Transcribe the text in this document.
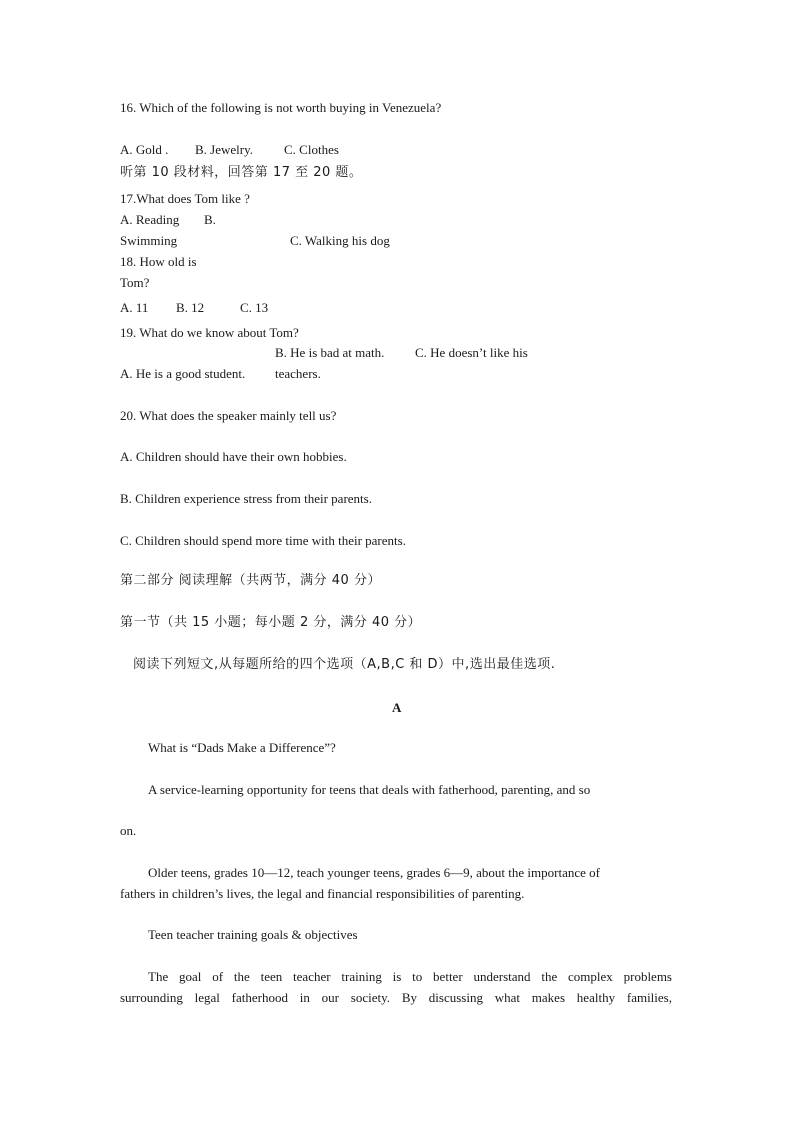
16. Which of the following is not worth buying in Venezuela?
A. Gold . B. Jewelry. C. Clothes
听第 10 段材料，回答第 17 至 20 题。
17.What does Tom like ?
A. Reading B.
Swimming	C. Walking his dog
18. How old is
Tom?
A. 11 B. 12	C. 13
19. What do we know about Tom?
B. He is bad at math. C. He doesn’t like his
A. He is a good student. teachers.
20. What does the speaker mainly tell us?
A. Children should have their own hobbies.
B. Children experience stress from their parents.
C. Children should spend more time with their parents.
第二部分 阅读理解（共两节，满分 40 分）
第一节（共 15 小题；每小题 2 分，满分 40 分）
阅读下列短文,从每题所给的四个选项（A,B,C 和 D）中,选出最佳选项.
A
What is “Dads Make a Difference”?
A service-learning opportunity for teens that deals with fatherhood, parenting, and so
on.
Older teens, grades 10—12, teach younger teens, grades 6—9, about the importance of
fathers in children’s lives, the legal and financial responsibilities of parenting.
Teen teacher training goals & objectives
The goal of the teen teacher training is to better understand the complex problems
surrounding legal fatherhood in our society. By discussing what makes healthy families,
